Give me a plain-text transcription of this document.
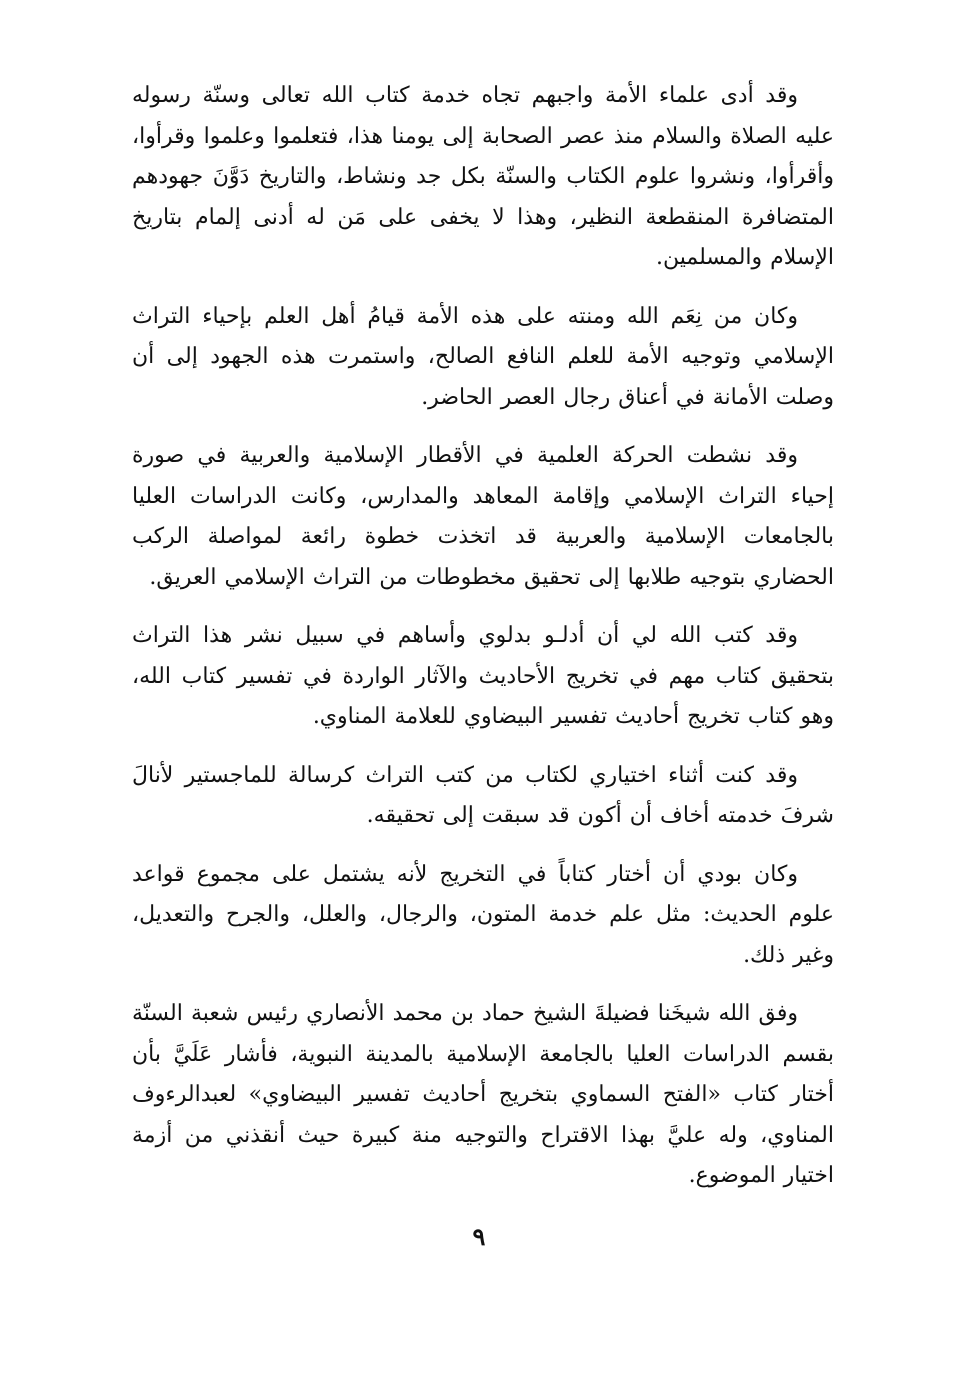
وقد أدى علماء الأمة واجبهم تجاه خدمة كتاب الله تعالى وسنّة رسوله عليه الصلاة والسلام منذ عصر الصحابة إلى يومنا هذا، فتعلموا وعلموا وقرأوا، وأقرأوا، ونشروا علوم الكتاب والسنّة بكل جد ونشاط، والتاريخ دَوَّنَ جهودهم المتضافرة المنقطعة النظير، وهذا لا يخفى على مَن له أدنى إلمام بتاريخ الإسلام والمسلمين.

وكان من نِعَم الله ومنته على هذه الأمة قيامُ أهل العلم بإحياء التراث الإسلامي وتوجيه الأمة للعلم النافع الصالح، واستمرت هذه الجهود إلى أن وصلت الأمانة في أعناق رجال العصر الحاضر.

وقد نشطت الحركة العلمية في الأقطار الإسلامية والعربية في صورة إحياء التراث الإسلامي وإقامة المعاهد والمدارس، وكانت الدراسات العليا بالجامعات الإسلامية والعربية قد اتخذت خطوة رائعة لمواصلة الركب الحضاري بتوجيه طلابها إلى تحقيق مخطوطات من التراث الإسلامي العريق.

وقد كتب الله لي أن أدلـو بدلوي وأساهم في سبيل نشر هذا التراث بتحقيق كتاب مهم في تخريج الأحاديث والآثار الواردة في تفسير كتاب الله، وهو كتاب تخريج أحاديث تفسير البيضاوي للعلامة المناوي.

وقد كنت أثناء اختياري لكتاب من كتب التراث كرسالة للماجستير لأنالَ شرفَ خدمته أخاف أن أكون قد سبقت إلى تحقيقه.

وكان بودي أن أختار كتاباً في التخريج لأنه يشتمل على مجموع قواعد علوم الحديث: مثل علم خدمة المتون، والرجال، والعلل، والجرح والتعديل، وغير ذلك.

وفق الله شيخَنا فضيلةَ الشيخ حماد بن محمد الأنصاري رئيس شعبة السنّة بقسم الدراسات العليا بالجامعة الإسلامية بالمدينة النبوية، فأشار عَلَيَّ بأن أختار كتاب «الفتح السماوي بتخريج أحاديث تفسير البيضاوي» لعبدالرءوف المناوي، وله عليَّ بهذا الاقتراح والتوجيه منة كبيرة حيث أنقذني من أزمة اختيار الموضوع.

٩
